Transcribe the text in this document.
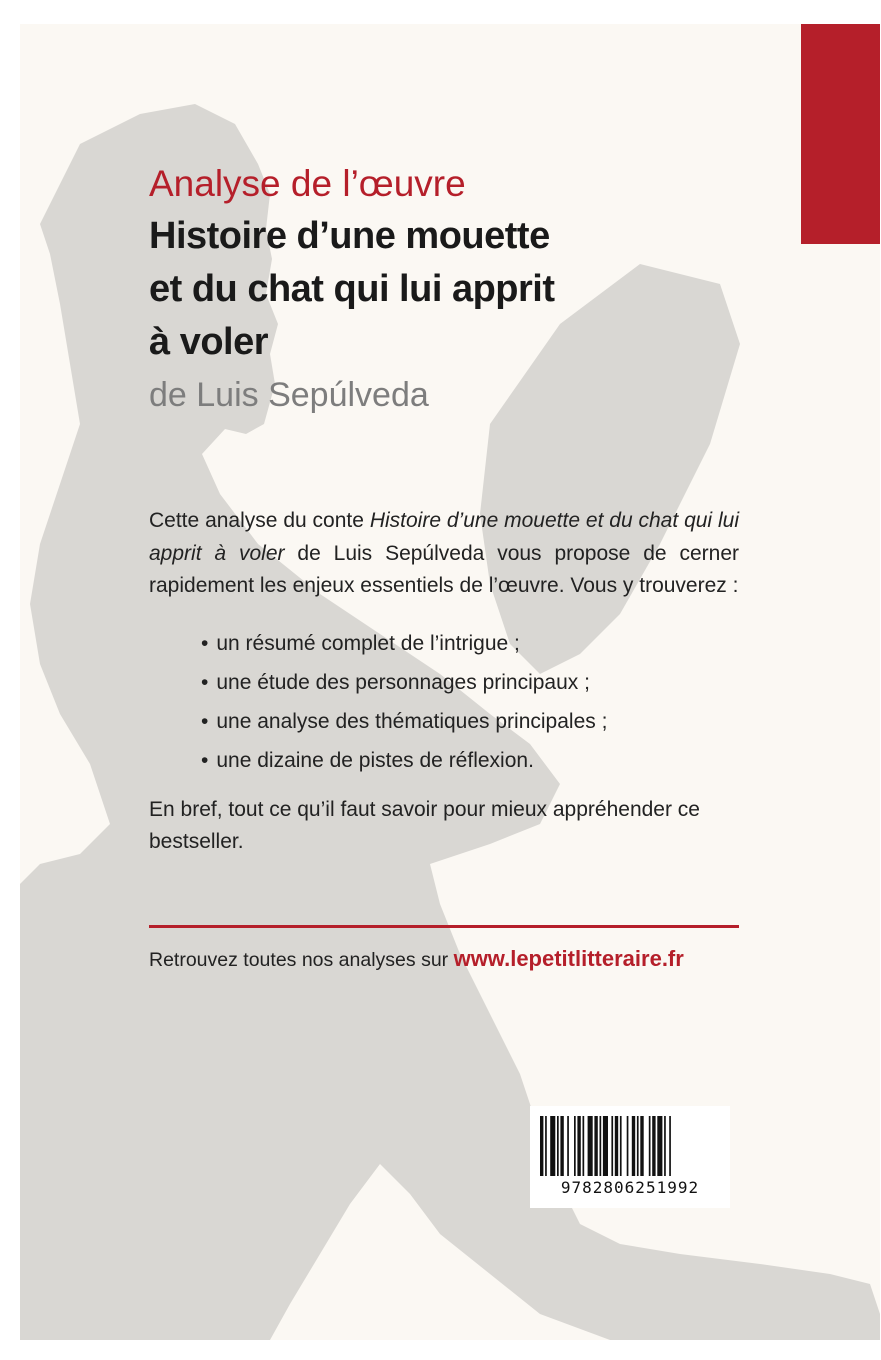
Analyse de l’œuvre
Histoire d’une mouette
et du chat qui lui apprit
à voler
de Luis Sepúlveda

Cette analyse du conte Histoire d’une mouette et du chat qui lui apprit à voler de Luis Sepúlveda vous propose de cerner rapidement les enjeux essentiels de l’œuvre. Vous y trouverez :

• un résumé complet de l’intrigue ;
• une étude des personnages principaux ;
• une analyse des thématiques principales ;
• une dizaine de pistes de réflexion.

En bref, tout ce qu’il faut savoir pour mieux appréhender ce bestseller.

Retrouvez toutes nos analyses sur www.lepetitlitteraire.fr
9782806251992
